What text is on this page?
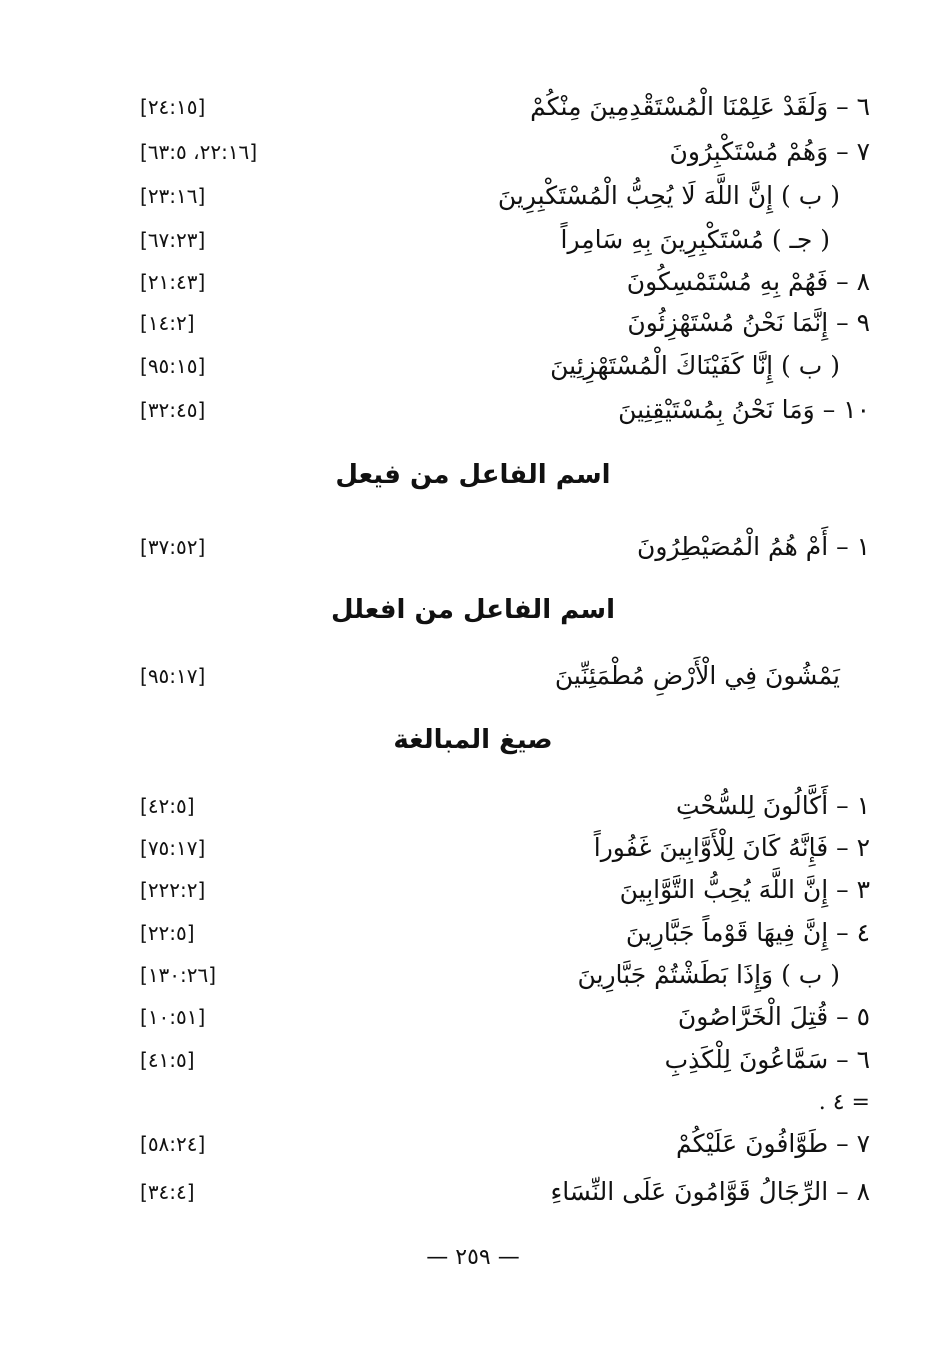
٦ – وَلَقَدْ عَلِمْنَا الْمُسْتَقْدِمِينَ مِنْكُمْ
[٢٤:١٥]
٧ – وَهُمْ مُسْتَكْبِرُونَ
[٢٢:١٦، ٦٣:٥]
( ب ) إِنَّ اللَّهَ لَا يُحِبُّ الْمُسْتَكْبِرِينَ
[٢٣:١٦]
( جـ ) مُسْتَكْبِرِينَ بِهِ سَامِراً
[٦٧:٢٣]
٨ – فَهُمْ بِهِ مُسْتَمْسِكُونَ
[٢١:٤٣]
٩ – إِنَّمَا نَحْنُ مُسْتَهْزِئُونَ
[١٤:٢]
( ب ) إِنَّا كَفَيْنَاكَ الْمُسْتَهْزِئِينَ
[٩٥:١٥]
١٠ – وَمَا نَحْنُ بِمُسْتَيْقِنِينَ
[٣٢:٤٥]
اسم الفاعل من فيعل
١ – أَمْ هُمُ الْمُصَيْطِرُونَ
[٣٧:٥٢]
اسم الفاعل من افعلل
يَمْشُونَ فِي الْأَرْضِ مُطْمَئِنِّينَ
[٩٥:١٧]
صيغ المبالغة
١ – أَكَّالُونَ لِلسُّحْتِ
[٤٢:٥]
٢ – فَإِنَّهُ كَانَ لِلْأَوَّابِينَ غَفُوراً
[٧٥:١٧]
٣ – إِنَّ اللَّهَ يُحِبُّ التَّوَّابِينَ
[٢٢٢:٢]
٤ – إِنَّ فِيهَا قَوْماً جَبَّارِينَ
[٢٢:٥]
( ب ) وَإِذَا بَطَشْتُمْ جَبَّارِينَ
[١٣٠:٢٦]
٥ – قُتِلَ الْخَرَّاصُونَ
[١٠:٥١]
٦ – سَمَّاعُونَ لِلْكَذِبِ
[٤١:٥]
= ٤ .
٧ – طَوَّافُونَ عَلَيْكُمْ
[٥٨:٢٤]
٨ – الرِّجَالُ قَوَّامُونَ عَلَى النِّسَاءِ
[٣٤:٤]
— ٢٥٩ —
